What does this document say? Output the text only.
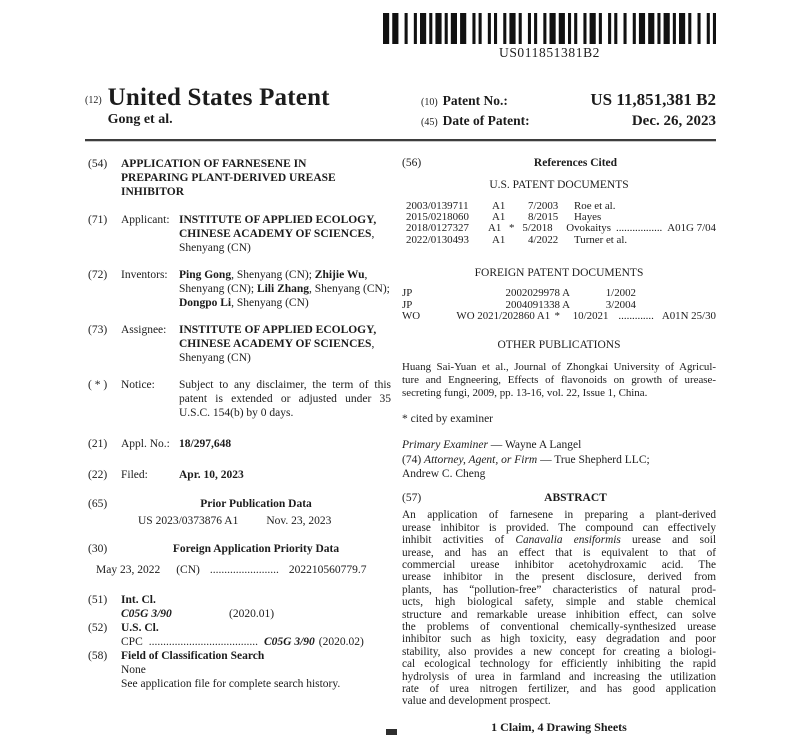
US011851381B2
(12) United States Patent
Gong et al.
(10) Patent No.:	US 11,851,381 B2
(45) Date of Patent:	Dec. 26, 2023
(54)	APPLICATION OF FARNESENE IN
PREPARING PLANT-DERIVED UREASE
INHIBITOR
(71)	Applicant: INSTITUTE OF APPLIED ECOLOGY, CHINESE ACADEMY OF SCIENCES, Shenyang (CN)
(72)	Inventors: Ping Gong, Shenyang (CN); Zhijie Wu, Shenyang (CN); Lili Zhang, Shenyang (CN); Dongpo Li, Shenyang (CN)
(73)	Assignee:	INSTITUTE OF APPLIED ECOLOGY, CHINESE ACADEMY OF SCIENCES, Shenyang (CN)
( * )	Notice:	Subject to any disclaimer, the term of this
patent is extended or adjusted under 35
U.S.C. 154(b) by 0 days.
(21)	Appl. No.: 18/297,648
(22)	Filed:	Apr. 10, 2023
(65)	Prior Publication Data
US 2023/0373876 A1 Nov. 23, 2023
(30)	Foreign Application Priority Data
May 23, 2022 (CN) ........................ 202210560779.7
(51)	Int. Cl.
C05G 3/90	(2020.01)
(52)	U.S. Cl.
CPC ...................................... C05G 3/90 (2020.02)
(58)	Field of Classification Search
None
See application file for complete search history.
(56)	References Cited
U.S. PATENT DOCUMENTS
2003/0139711	A1	7/2003	Roe et al.
2015/0218060	A1	8/2015	Hayes
2018/0127327	A1 * 5/2018	Ovokaitys ................. A01G 7/04
2022/0130493	A1	4/2022	Turner et al.
FOREIGN PATENT DOCUMENTS
JP	2002029978 A	1/2002
JP	2004091338 A	3/2004
WO	WO 2021/202860 A1 *	10/2021 ............. A01N 25/30
OTHER PUBLICATIONS
Huang Sai-Yuan et al., Journal of Zhongkai University of Agricul-
ture and Engneering, Effects of flavonoids on growth of urease-
secreting fungi, 2009, pp. 13-16, vol. 22, Issue 1, China.
* cited by examiner
Primary Examiner — Wayne A Langel
(74) Attorney, Agent, or Firm — True Shepherd LLC;
Andrew C. Cheng
(57)	ABSTRACT
An application of farnesene in preparing a plant-derived
urease inhibitor is provided. The compound can effectively
inhibit activities of Canavalia ensiformis urease and soil
urease, and has an effect that is equivalent to that of
commercial urease inhibitor acetohydroxamic acid. The
urease inhibitor in the present disclosure, derived from
plants, has “pollution-free” characteristics of natural prod-
ucts, high biological safety, simple and stable chemical
structure and remarkable urease inhibition effect, can solve
the problems of conventional chemically-synthesized urease
inhibitor such as high toxicity, easy degradation and poor
stability, also provides a new concept for creating a biologi-
cal ecological technology for efficiently inhibiting the rapid
hydrolysis of urea in farmland and increasing the utilization
rate of urea nitrogen fertilizer, and has good application
value and development prospect.
1 Claim, 4 Drawing Sheets
